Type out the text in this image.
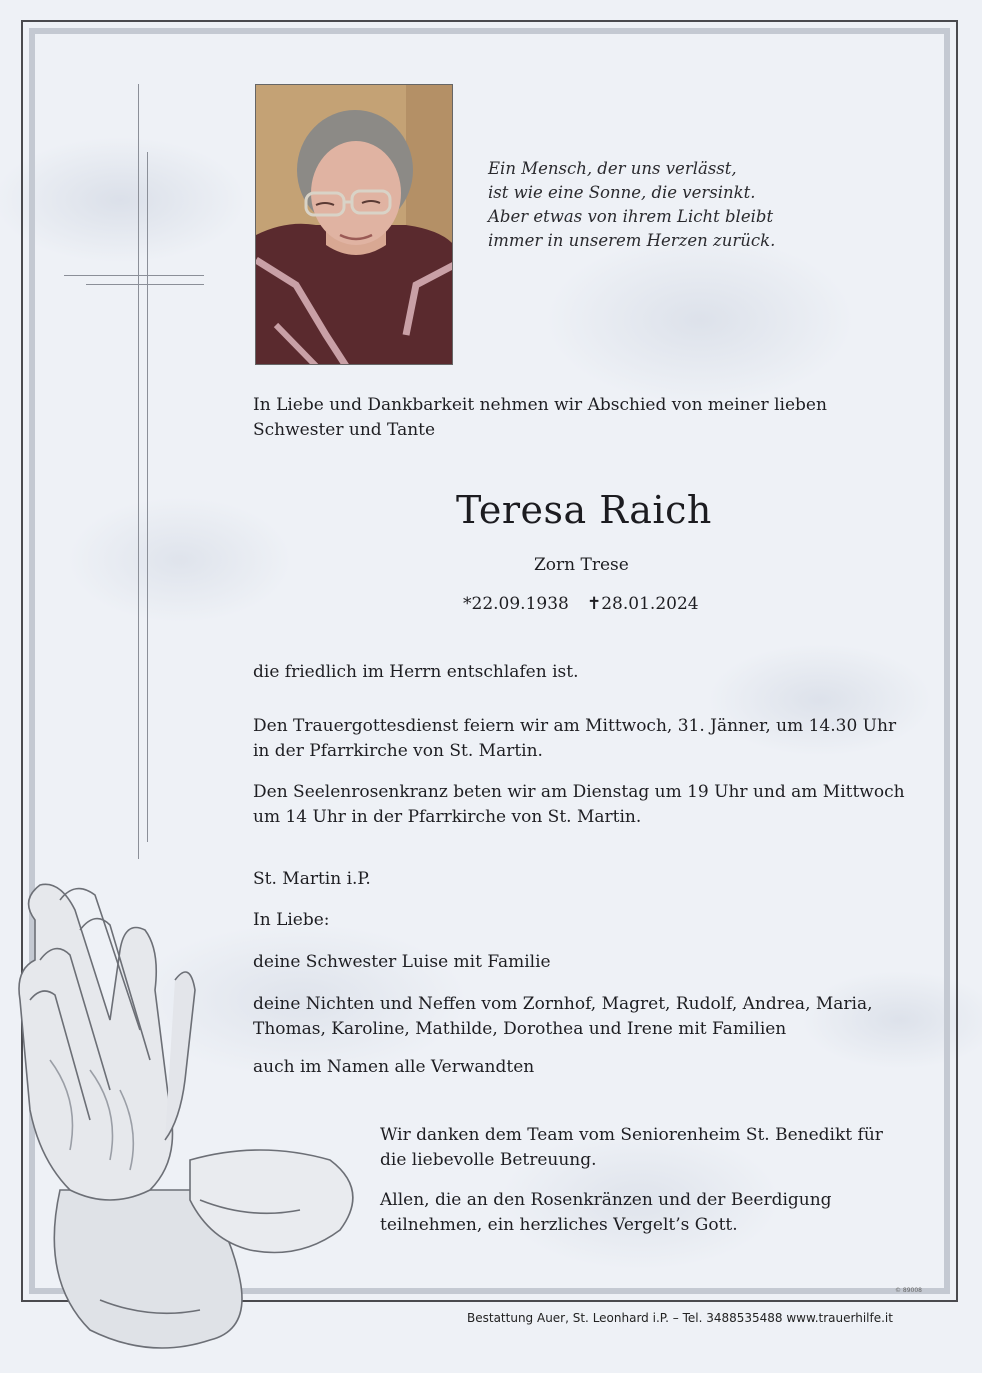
Ein Mensch, der uns verlässt,
ist wie eine Sonne, die versinkt.
Aber etwas von ihrem Licht bleibt
immer in unserem Herzen zurück.
In Liebe und Dankbarkeit nehmen wir Abschied von meiner lieben
Schwester und Tante
Teresa Raich
Zorn Trese
*22.09.1938 ✝28.01.2024
die friedlich im Herrn entschlafen ist.
Den Trauergottesdienst feiern wir am Mittwoch, 31. Jänner, um 14.30 Uhr
in der Pfarrkirche von St. Martin.
Den Seelenrosenkranz beten wir am Dienstag um 19 Uhr und am Mittwoch
um 14 Uhr in der Pfarrkirche von St. Martin.
St. Martin i.P.
In Liebe:
deine Schwester Luise mit Familie
deine Nichten und Neffen vom Zornhof, Magret, Rudolf, Andrea, Maria,
Thomas, Karoline, Mathilde, Dorothea und Irene mit Familien
auch im Namen alle Verwandten
Wir danken dem Team vom Seniorenheim St. Benedikt für
die liebevolle Betreuung.
Allen, die an den Rosenkränzen und der Beerdigung
teilnehmen, ein herzliches Vergelt’s Gott.
© 89008
Bestattung Auer, St. Leonhard i.P. – Tel. 3488535488 www.trauerhilfe.it
